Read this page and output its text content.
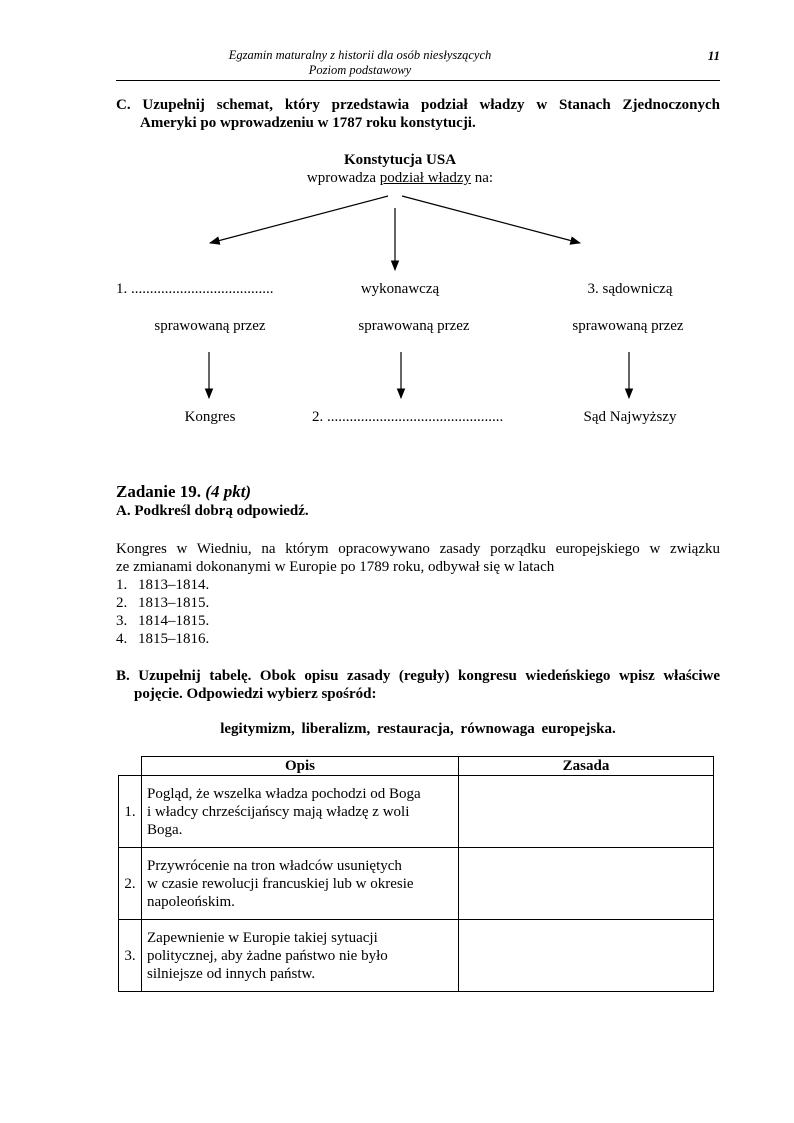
Egzamin maturalny z historii dla osób niesłyszących
Poziom podstawowy
11
C. Uzupełnij schemat, który przedstawia podział władzy w Stanach Zjednoczonych
Ameryki po wprowadzeniu w 1787 roku konstytucji.
Konstytucja USA
wprowadza podział władzy na:
1. ......................................	wykonawczą	3. sądowniczą
sprawowaną przez	sprawowaną przez	sprawowaną przez
Kongres	2. ...............................................	Sąd Najwyższy
Zadanie 19. (4 pkt)
A. Podkreśl dobrą odpowiedź.
Kongres w Wiedniu, na którym opracowywano zasady porządku europejskiego w związku
ze zmianami dokonanymi w Europie po 1789 roku, odbywał się w latach
1. 1813–1814.
2. 1813–1815.
3. 1814–1815.
4. 1815–1816.
B. Uzupełnij tabelę. Obok opisu zasady (reguły) kongresu wiedeńskiego wpisz właściwe
pojęcie. Odpowiedzi wybierz spośród:
legitymizm, liberalizm, restauracja, równowaga europejska.
	Opis	Zasada
1.	Pogląd, że wszelka władza pochodzi od Boga
i władcy chrześcijańscy mają władzę z woli
Boga.	

2.	Przywrócenie na tron władców usuniętych
w czasie rewolucji francuskiej lub w okresie
napoleońskim.	

3.	Zapewnienie w Europie takiej sytuacji
politycznej, aby żadne państwo nie było
silniejsze od innych państw.	
